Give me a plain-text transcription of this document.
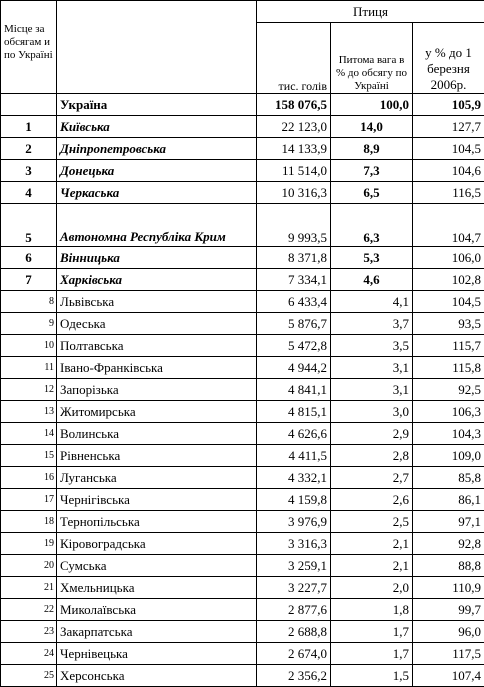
Місце за обсягам и по Україні		Птиця		
		тис. голів	Питома вага в % до обсягу по Україні	у % до 1 березня 2006р.
	Україна	158 076,5	100,0	105,9
1	Київська	22 123,0	14,0	127,7
2	Дніпропетровська	14 133,9	8,9	104,5
3	Донецька	11 514,0	7,3	104,6
4	Черкаська	10 316,3	6,5	116,5
5	Автономна Республіка Крим	9 993,5	6,3	104,7
6	Вінницька	8 371,8	5,3	106,0
7	Харківська	7 334,1	4,6	102,8
8	Львівська	6 433,4	4,1	104,5
9	Одеська	5 876,7	3,7	93,5
10	Полтавська	5 472,8	3,5	115,7
11	Івано-Франківська	4 944,2	3,1	115,8
12	Запорізька	4 841,1	3,1	92,5
13	Житомирська	4 815,1	3,0	106,3
14	Волинська	4 626,6	2,9	104,3
15	Рівненська	4 411,5	2,8	109,0
16	Луганська	4 332,1	2,7	85,8
17	Чернігівська	4 159,8	2,6	86,1
18	Тернопільська	3 976,9	2,5	97,1
19	Кіровоградська	3 316,3	2,1	92,8
20	Сумська	3 259,1	2,1	88,8
21	Хмельницька	3 227,7	2,0	110,9
22	Миколаївська	2 877,6	1,8	99,7
23	Закарпатська	2 688,8	1,7	96,0
24	Чернівецька	2 674,0	1,7	117,5
25	Херсонська	2 356,2	1,5	107,4
